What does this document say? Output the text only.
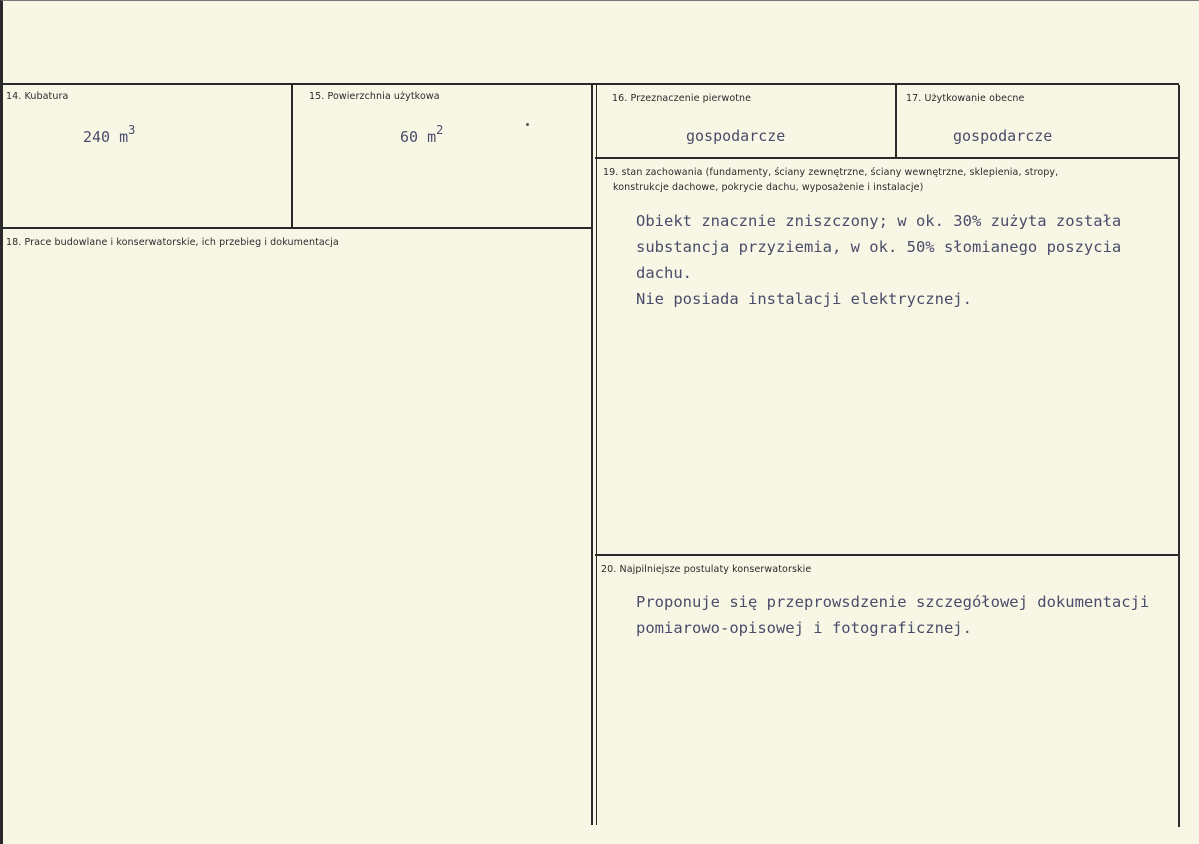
14. Kubatura
240 $m^3$
15. Powierzchnia użytkowa
60 $m^2$
16. Przeznaczenie pierwotne
gospodarcze
17. Użytkowanie obecne
gospodarcze
18. Prace budowlane i konserwatorskie, ich przebieg i dokumentacja
19. stan zachowania (fundamenty, ściany zewnętrzne, ściany wewnętrzne, sklepienia, stropy,
konstrukcje dachowe, pokrycie dachu, wyposażenie i instalacje)
Obiekt znacznie zniszczony; w ok. 30% zużyta została
substancja przyziemia, w ok. 50% słomianego poszycia
dachu.
Nie posiada instalacji elektrycznej.
20. Najpilniejsze postulaty konserwatorskie
Proponuje się przeprowsdzenie szczegółowej dokumentacji
pomiarowo-opisowej i fotograficznej.
